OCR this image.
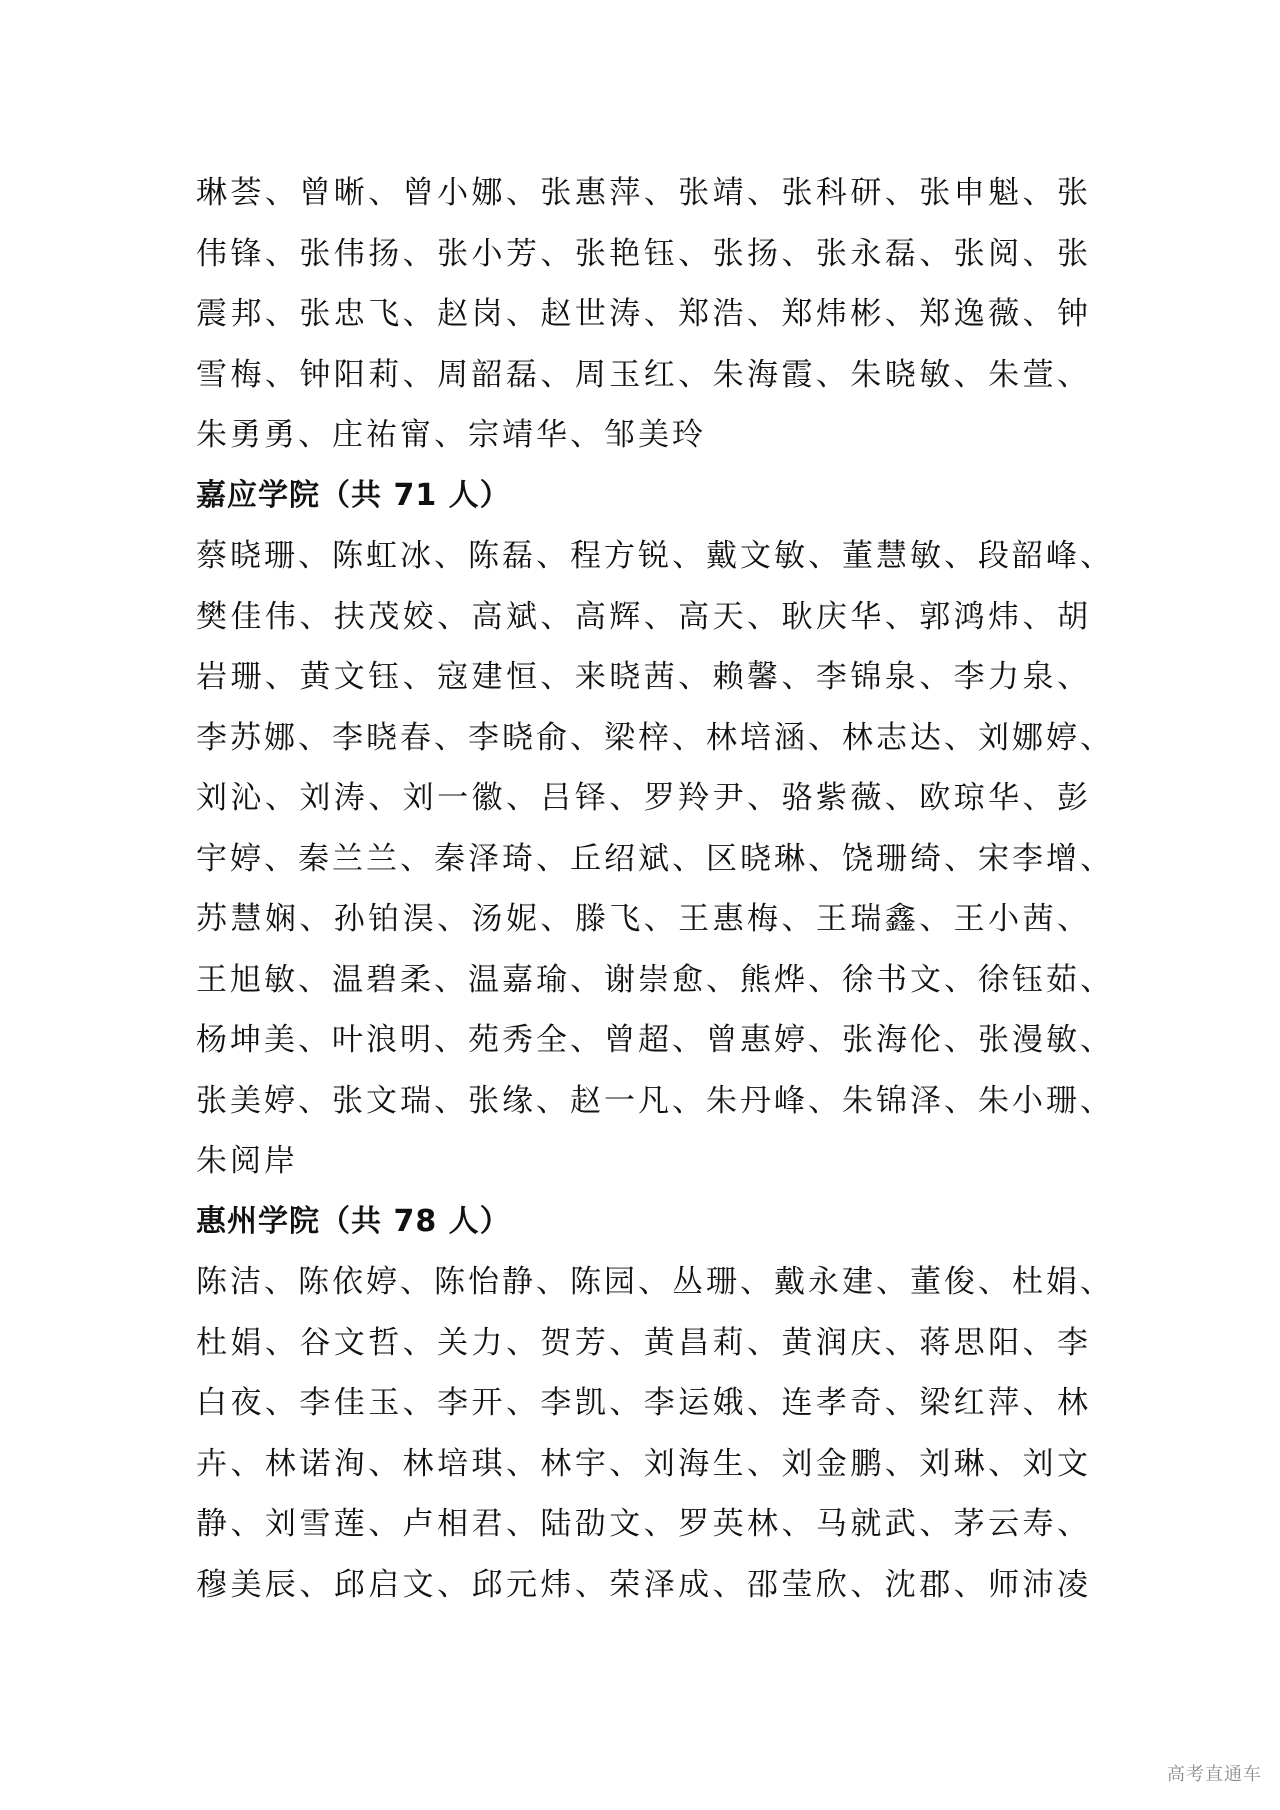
琳荟、曾晰、曾小娜、张惠萍、张靖、张科研、张申魁、张
伟锋、张伟扬、张小芳、张艳钰、张扬、张永磊、张阅、张
震邦、张忠飞、赵岗、赵世涛、郑浩、郑炜彬、郑逸薇、钟
雪梅、钟阳莉、周韶磊、周玉红、朱海霞、朱晓敏、朱萱、
朱勇勇、庄祐甯、宗靖华、邹美玲
嘉应学院（共 71 人）
蔡晓珊、陈虹冰、陈磊、程方锐、戴文敏、董慧敏、段韶峰、
樊佳伟、扶茂姣、高斌、高辉、高天、耿庆华、郭鸿炜、胡
岩珊、黄文钰、寇建恒、来晓茜、赖馨、李锦泉、李力泉、
李苏娜、李晓春、李晓俞、梁梓、林培涵、林志达、刘娜婷、
刘沁、刘涛、刘一徽、吕铎、罗羚尹、骆紫薇、欧琼华、彭
宇婷、秦兰兰、秦泽琦、丘绍斌、区晓琳、饶珊绮、宋李增、
苏慧娴、孙铂淏、汤妮、滕飞、王惠梅、王瑞鑫、王小茜、
王旭敏、温碧柔、温嘉瑜、谢崇愈、熊烨、徐书文、徐钰茹、
杨坤美、叶浪明、苑秀全、曾超、曾惠婷、张海伦、张漫敏、
张美婷、张文瑞、张缘、赵一凡、朱丹峰、朱锦泽、朱小珊、
朱阅岸
惠州学院（共 78 人）
陈洁、陈依婷、陈怡静、陈园、丛珊、戴永建、董俊、杜娟、
杜娟、谷文哲、关力、贺芳、黄昌莉、黄润庆、蒋思阳、李
白夜、李佳玉、李开、李凯、李运娥、连孝奇、梁红萍、林
卉、林诺洵、林培琪、林宇、刘海生、刘金鹏、刘琳、刘文
静、刘雪莲、卢相君、陆劭文、罗英林、马就武、茅云寿、
穆美辰、邱启文、邱元炜、荣泽成、邵莹欣、沈郡、师沛凌
高考直通车
